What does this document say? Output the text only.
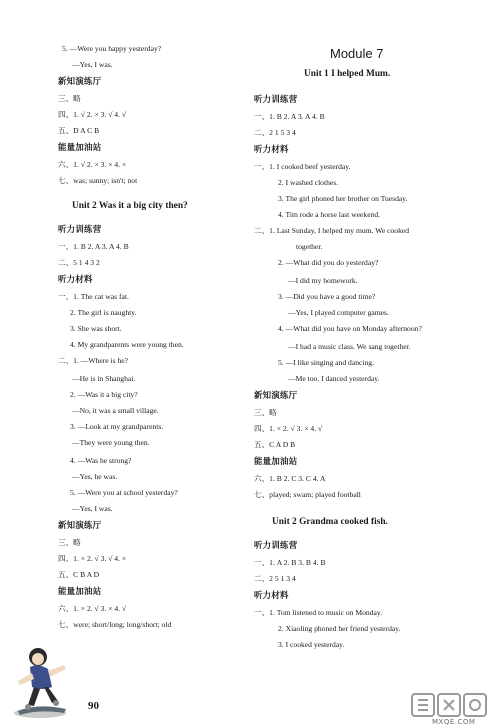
5. —Were you happy yesterday?
—Yes, I was.
新知演练厅
三、略
四、1. √ 2. × 3. √ 4. √
五、D A C B
能量加油站
六、1. √ 2. × 3. × 4. ×
七、was; sunny; isn't; not
Unit 2 Was it a big city then?
听力训练营
一、1. B 2. A 3. A 4. B
二、5 1 4 3 2
听力材料
一、1. The cat was fat.
2. The girl is naughty.
3. She was short.
4. My grandparents were young then.
二、1. —Where is he?
—He is in Shanghai.
2. —Was it a big city?
—No, it was a small village.
3. —Look at my grandparents.
—They were young then.
4. —Was he strong?
—Yes, he was.
5. —Were you at school yesterday?
—Yes, I was.
新知演练厅
三、略
四、1. × 2. √ 3. √ 4. ×
五、C B A D
能量加油站
六、1. × 2. √ 3. × 4. √
七、were; short/long; long/short; old
Module 7
Unit 1 I helped Mum.
听力训练营
一、1. B 2. A 3. A 4. B
二、2 1 5 3 4
听力材料
一、1. I cooked beef yesterday.
2. I washed clothes.
3. The girl phoned her brother on Tuesday.
4. Tim rode a horse last weekend.
二、1. Last Sunday, I helped my mum. We cooked
together.
2. —What did you do yesterday?
—I did my homework.
3. —Did you have a good time?
—Yes, I played computer games.
4. —What did you have on Monday afternoon?
—I had a music class. We sang together.
5. —I like singing and dancing.
—Me too. I danced yesterday.
新知演练厅
三、略
四、1. × 2. √ 3. × 4. √
五、C A D B
能量加油站
六、1. B 2. C 3. C 4. A
七、played; swam; played football
Unit 2 Grandma cooked fish.
听力训练营
一、1. A 2. B 3. B 4. B
二、2 5 1 3 4
听力材料
一、1. Tom listened to music on Monday.
2. Xiaoling phoned her friend yesterday.
3. I cooked yesterday.
90
MXQE.COM
